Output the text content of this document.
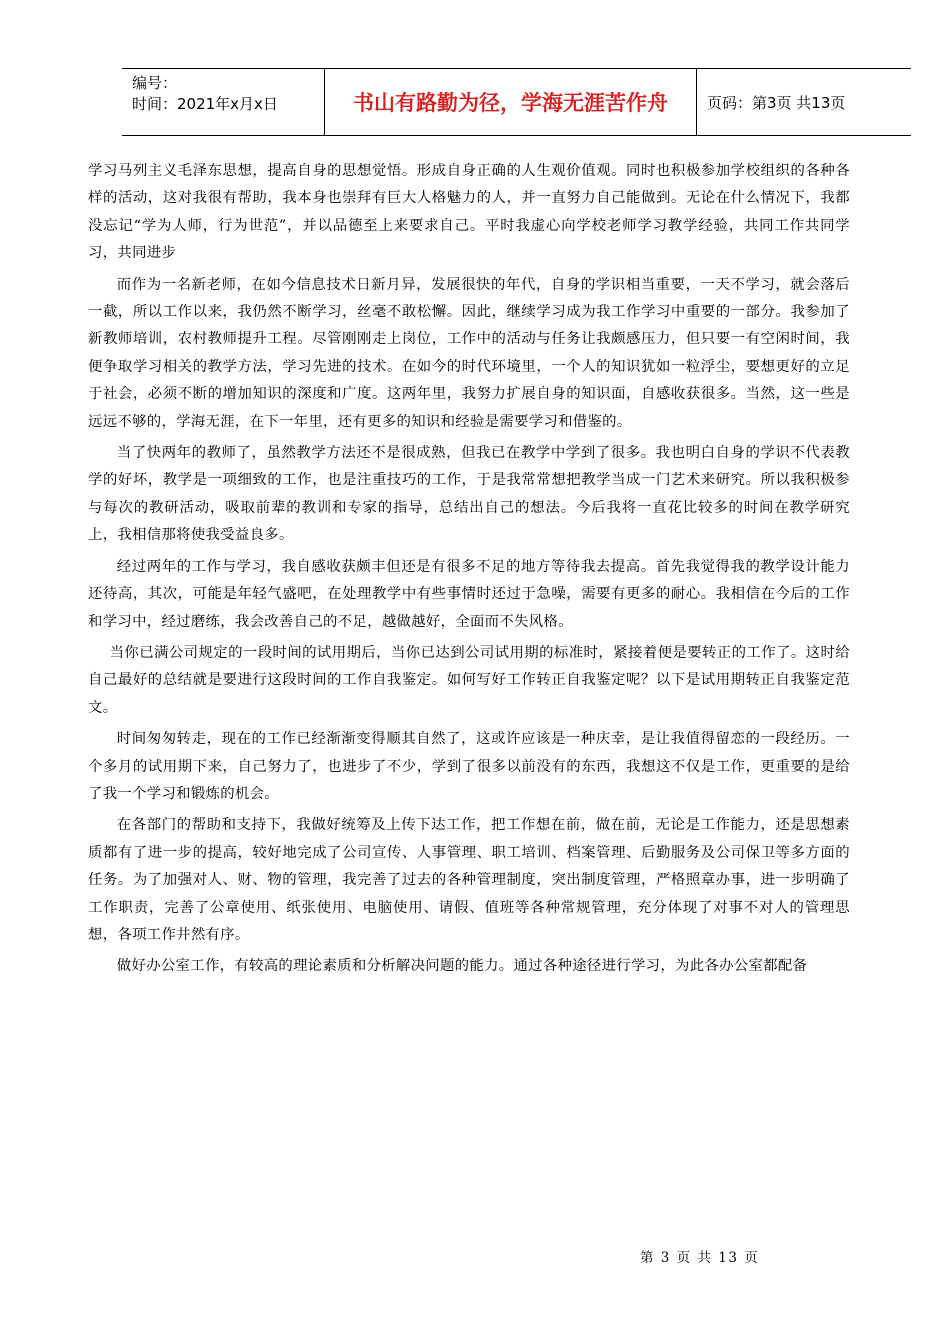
编号：
时间：2021年x月x日	书山有路勤为径，学海无涯苦作舟	页码：第3页 共13页

学习马列主义毛泽东思想，提高自身的思想觉悟。形成自身正确的人生观价值观。同时也积极参加学校组织的各种各样的活动，这对我很有帮助，我本身也崇拜有巨大人格魅力的人，并一直努力自己能做到。无论在什么情况下，我都没忘记“学为人师，行为世范”，并以品德至上来要求自己。平时我虚心向学校老师学习教学经验，共同工作共同学习，共同进步

而作为一名新老师，在如今信息技术日新月异，发展很快的年代，自身的学识相当重要，一天不学习，就会落后一截，所以工作以来，我仍然不断学习，丝毫不敢松懈。因此，继续学习成为我工作学习中重要的一部分。我参加了新教师培训，农村教师提升工程。尽管刚刚走上岗位，工作中的活动与任务让我颇感压力，但只要一有空闲时间，我便争取学习相关的教学方法，学习先进的技术。在如今的时代环境里，一个人的知识犹如一粒浮尘，要想更好的立足于社会，必须不断的增加知识的深度和广度。这两年里，我努力扩展自身的知识面，自感收获很多。当然，这一些是远远不够的，学海无涯，在下一年里，还有更多的知识和经验是需要学习和借鉴的。

当了快两年的教师了，虽然教学方法还不是很成熟，但我已在教学中学到了很多。我也明白自身的学识不代表教学的好坏，教学是一项细致的工作，也是注重技巧的工作，于是我常常想把教学当成一门艺术来研究。所以我积极参与每次的教研活动，吸取前辈的教训和专家的指导，总结出自己的想法。今后我将一直花比较多的时间在教学研究上，我相信那将使我受益良多。

经过两年的工作与学习，我自感收获颇丰但还是有很多不足的地方等待我去提高。首先我觉得我的教学设计能力还待高，其次，可能是年轻气盛吧，在处理教学中有些事情时还过于急噪，需要有更多的耐心。我相信在今后的工作和学习中，经过磨练，我会改善自己的不足，越做越好，全面而不失风格。

当你已满公司规定的一段时间的试用期后，当你已达到公司试用期的标准时，紧接着便是要转正的工作了。这时给自己最好的总结就是要进行这段时间的工作自我鉴定。如何写好工作转正自我鉴定呢？以下是试用期转正自我鉴定范文。

时间匆匆转走，现在的工作已经渐渐变得顺其自然了，这或许应该是一种庆幸，是让我值得留恋的一段经历。一个多月的试用期下来，自己努力了，也进步了不少，学到了很多以前没有的东西，我想这不仅是工作，更重要的是给了我一个学习和锻炼的机会。

在各部门的帮助和支持下，我做好统筹及上传下达工作，把工作想在前，做在前，无论是工作能力，还是思想素质都有了进一步的提高，较好地完成了公司宣传、人事管理、职工培训、档案管理、后勤服务及公司保卫等多方面的任务。为了加强对人、财、物的管理，我完善了过去的各种管理制度，突出制度管理，严格照章办事，进一步明确了工作职责，完善了公章使用、纸张使用、电脑使用、请假、值班等各种常规管理，充分体现了对事不对人的管理思想，各项工作井然有序。

做好办公室工作，有较高的理论素质和分析解决问题的能力。通过各种途径进行学习，为此各办公室都配备

第 3 页 共 13 页
